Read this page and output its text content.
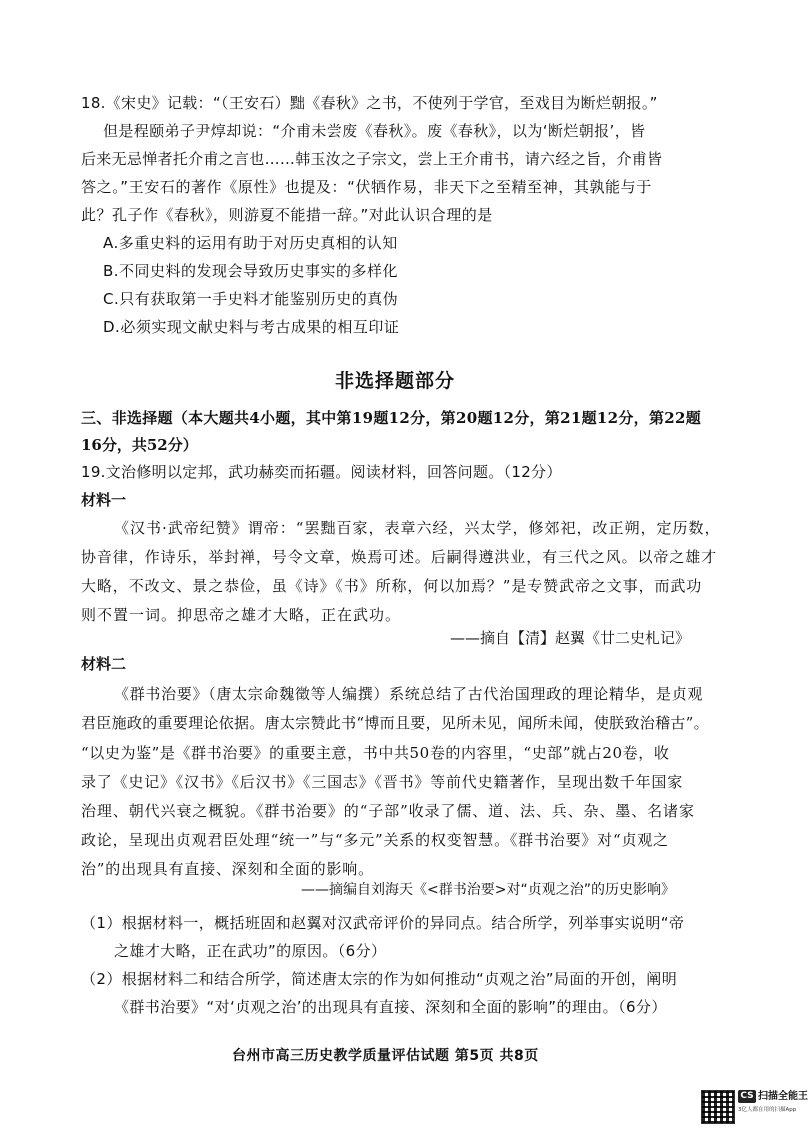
18.《宋史》记载：“（王安石）黜《春秋》之书，不使列于学官，至戏目为断烂朝报。”
但是程颐弟子尹焞却说：“介甫未尝废《春秋》。废《春秋》，以为‘断烂朝报’，皆
后来无忌惮者托介甫之言也……韩玉汝之子宗文，尝上王介甫书，请六经之旨，介甫皆
答之。”王安石的著作《原性》也提及：“伏牺作易，非天下之至精至神，其孰能与于
此？孔子作《春秋》，则游夏不能措一辞。”对此认识合理的是
A.多重史料的运用有助于对历史真相的认知
B.不同史料的发现会导致历史事实的多样化
C.只有获取第一手史料才能鉴别历史的真伪
D.必须实现文献史料与考古成果的相互印证
非选择题部分
三、非选择题（本大题共4小题，其中第19题12分，第20题12分，第21题12分，第22题
16分，共52分）
19.文治修明以定邦，武功赫奕而拓疆。阅读材料，回答问题。（12分）
材料一
《汉书·武帝纪赞》谓帝：“罢黜百家，表章六经，兴太学，修郊祀，改正朔，定历数，
协音律，作诗乐，举封禅，号令文章，焕焉可述。后嗣得遵洪业，有三代之风。以帝之雄才
大略，不改文、景之恭俭，虽《诗》《书》所称，何以加焉？”是专赞武帝之文事，而武功
则不置一词。抑思帝之雄才大略，正在武功。
——摘自【清】赵翼《廿二史札记》
材料二
《群书治要》（唐太宗命魏徵等人编撰）系统总结了古代治国理政的理论精华，是贞观
君臣施政的重要理论依据。唐太宗赞此书“博而且要，见所未见，闻所未闻，使朕致治稽古”。
“以史为鉴”是《群书治要》的重要主意，书中共50卷的内容里，“史部”就占20卷，收
录了《史记》《汉书》《后汉书》《三国志》《晋书》等前代史籍著作，呈现出数千年国家
治理、朝代兴衰之概貌。《群书治要》的“子部”收录了儒、道、法、兵、杂、墨、名诸家
政论，呈现出贞观君臣处理“统一”与“多元”关系的权变智慧。《群书治要》对“贞观之
治”的出现具有直接、深刻和全面的影响。
——摘编自刘海天《<群书治要>对“贞观之治”的历史影响》
（1）根据材料一，概括班固和赵翼对汉武帝评价的异同点。结合所学，列举事实说明“帝
之雄才大略，正在武功”的原因。（6分）
（2）根据材料二和结合所学，简述唐太宗的作为如何推动“贞观之治”局面的开创，阐明
《群书治要》“对‘贞观之治’的出现具有直接、深刻和全面的影响”的理由。（6分）
台州市高三历史教学质量评估试题 第5页 共8页
CS 扫描全能王
3亿人都在用的扫描App
